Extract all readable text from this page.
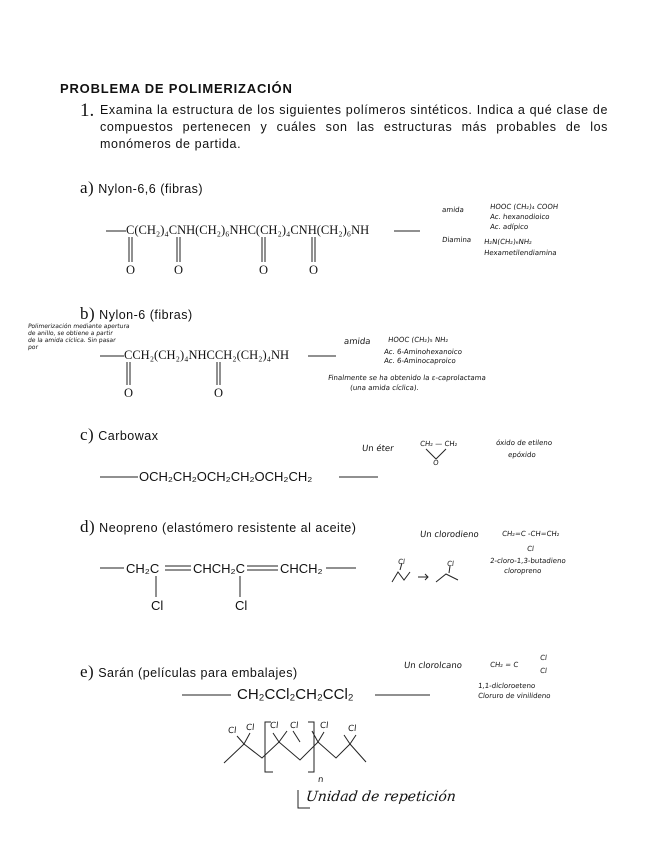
PROBLEMA DE POLIMERIZACIÓN
1. Examina la estructura de los siguientes polímeros sintéticos. Indica a qué clase de compuestos pertenecen y cuáles son las estructuras más probables de los monómeros de partida.
a) Nylon-6,6 (fibras)
C(CH₂)₄CNH(CH₂)₆NHC(CH₂)₄CNH(CH₂)₆NH
O	O	O	O
amida	HOOC (CH₂)₄ COOH
Ac. hexanodioico
Ac. adípico
Diamina H₂N(CH₂)₆NH₂
Hexametilendiamina
b) Nylon-6 (fibras)
Polimerización mediante apertura
de anillo, se obtiene a partir
de la amida cíclica. Sin pasar
por
CCH₂(CH₂)₄NHCCH₂(CH₂)₄NH
O	O
amida HOOC (CH₂)₅ NH₂
Ac. 6-Aminohexanoico
Ac. 6-Aminocaproico
Finalmente se ha obtenido la ε-caprolactama
(una amida cíclica).
c) Carbowax
OCH₂CH₂OCH₂CH₂OCH₂CH₂
Un éter	CH₂ — CH₂
O
óxido de etileno
epóxido
d) Neopreno (elastómero resistente al aceite)
CH₂C	CHCH₂C	CHCH₂
Cl	Cl
Un clorodieno	CH₂=C -CH=CH₂
Cl
2-cloro-1,3-butadieno
cloropreno
Cl	Cl
e) Sarán (películas para embalajes)
CH₂CCl₂CH₂CCl₂
Un clorolcano	CH₂ = C
Cl
Cl
1,1-dicloroeteno
Cloruro de vinilideno
Cl Cl Cl Cl Cl Cl
n
Unidad de repetición
